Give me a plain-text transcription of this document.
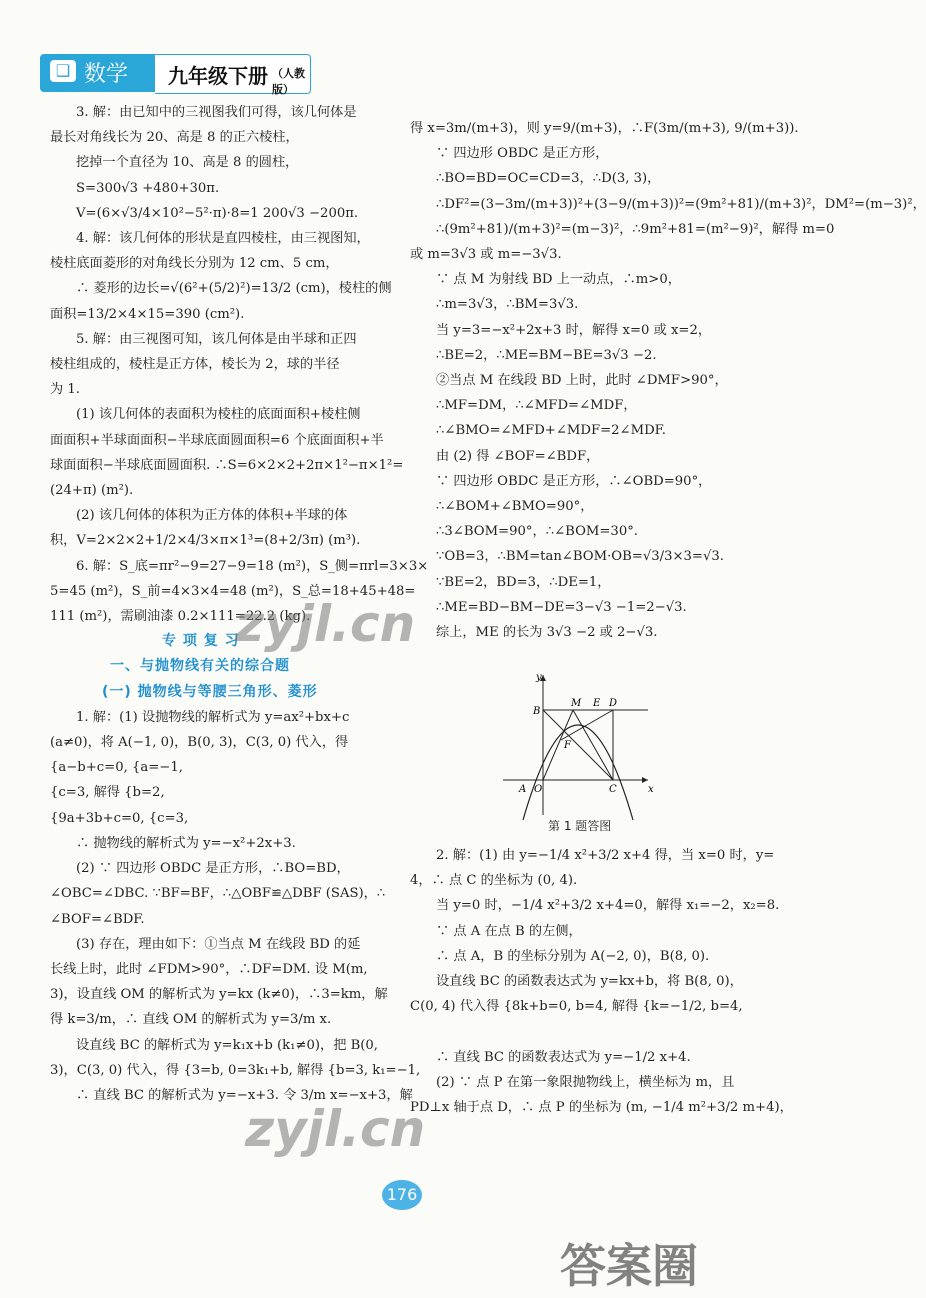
❑ 数学 九年级下册 （人教版）

3. 解：由已知中的三视图我们可得，该几何体是

最长对角线长为 20、高是 8 的正六棱柱，

挖掉一个直径为 10、高是 8 的圆柱，

S=300√3 +480+30π.

V=(6×√3/4×10²−5²·π)·8=1 200√3 −200π.

4. 解：该几何体的形状是直四棱柱，由三视图知，

棱柱底面菱形的对角线长分别为 12 cm、5 cm，

∴ 菱形的边长=√(6²+(5/2)²)=13/2 (cm)，棱柱的侧

面积=13/2×4×15=390 (cm²).

5. 解：由三视图可知，该几何体是由半球和正四

棱柱组成的，棱柱是正方体，棱长为 2，球的半径

为 1.

(1) 该几何体的表面积为棱柱的底面面积+棱柱侧

面面积+半球面面积−半球底面圆面积=6 个底面面积+半

球面面积−半球底面圆面积. ∴S=6×2×2+2π×1²−π×1²=

(24+π) (m²).

(2) 该几何体的体积为正方体的体积+半球的体

积，V=2×2×2+1/2×4/3×π×1³=(8+2/3π) (m³).

6. 解：S_底=πr²−9=27−9=18 (m²)，S_侧=πrl=3×3×

5=45 (m²)，S_前=4×3×4=48 (m²)，S_总=18+45+48=

111 (m²)，需刷油漆 0.2×111=22.2 (kg).

专 项 复 习

一、与抛物线有关的综合题

(一) 抛物线与等腰三角形、菱形

1. 解：(1) 设抛物线的解析式为 y=ax²+bx+c

(a≠0)，将 A(−1, 0)，B(0, 3)，C(3, 0) 代入，得

{a−b+c=0, {a=−1,

{c=3, 解得 {b=2,

{9a+3b+c=0, {c=3,

∴ 抛物线的解析式为 y=−x²+2x+3.

(2) ∵ 四边形 OBDC 是正方形，∴BO=BD，

∠OBC=∠DBC. ∵BF=BF，∴△OBF≌△DBF (SAS)，∴

∠BOF=∠BDF.

(3) 存在，理由如下：①当点 M 在线段 BD 的延

长线上时，此时 ∠FDM>90°，∴DF=DM. 设 M(m,

3)，设直线 OM 的解析式为 y=kx (k≠0)，∴3=km，解

得 k=3/m，∴ 直线 OM 的解析式为 y=3/m x.

设直线 BC 的解析式为 y=k₁x+b (k₁≠0)，把 B(0,

3)，C(3, 0) 代入，得 {3=b, 0=3k₁+b, 解得 {b=3, k₁=−1,

∴ 直线 BC 的解析式为 y=−x+3. 令 3/m x=−x+3，解

得 x=3m/(m+3)，则 y=9/(m+3)，∴F(3m/(m+3), 9/(m+3)).

∵ 四边形 OBDC 是正方形，

∴BO=BD=OC=CD=3，∴D(3, 3)，

∴DF²=(3−3m/(m+3))²+(3−9/(m+3))²=(9m²+81)/(m+3)²，DM²=(m−3)²，

∴(9m²+81)/(m+3)²=(m−3)²，∴9m²+81=(m²−9)²，解得 m=0

或 m=3√3 或 m=−3√3.

∵ 点 M 为射线 BD 上一动点，∴m>0，

∴m=3√3，∴BM=3√3.

当 y=3=−x²+2x+3 时，解得 x=0 或 x=2，

∴BE=2，∴ME=BM−BE=3√3 −2.

②当点 M 在线段 BD 上时，此时 ∠DMF>90°，

∴MF=DM，∴∠MFD=∠MDF，

∴∠BMO=∠MFD+∠MDF=2∠MDF.

由 (2) 得 ∠BOF=∠BDF，

∵ 四边形 OBDC 是正方形，∴∠OBD=90°，

∴∠BOM+∠BMO=90°，

∴3∠BOM=90°，∴∠BOM=30°.

∵OB=3，∴BM=tan∠BOM·OB=√3/3×3=√3.

∵BE=2，BD=3，∴DE=1，

∴ME=BD−BM−DE=3−√3 −1=2−√3.

综上，ME 的长为 3√3 −2 或 2−√3.

2. 解：(1) 由 y=−1/4 x²+3/2 x+4 得，当 x=0 时，y=

4，∴ 点 C 的坐标为 (0, 4).

当 y=0 时，−1/4 x²+3/2 x+4=0，解得 x₁=−2，x₂=8.

∵ 点 A 在点 B 的左侧，

∴ 点 A，B 的坐标分别为 A(−2, 0)，B(8, 0).

设直线 BC 的函数表达式为 y=kx+b，将 B(8, 0)，

C(0, 4) 代入得 {8k+b=0, b=4, 解得 {k=−1/2, b=4,

∴ 直线 BC 的函数表达式为 y=−1/2 x+4.

(2) ∵ 点 P 在第一象限抛物线上，横坐标为 m，且

PD⊥x 轴于点 D，∴ 点 P 的坐标为 (m, −1/4 m²+3/2 m+4)，

y
x
B
M E D
F
A O	C
第 1 题答图
176
zyjl.cn
zyjl.cn
答案圈
